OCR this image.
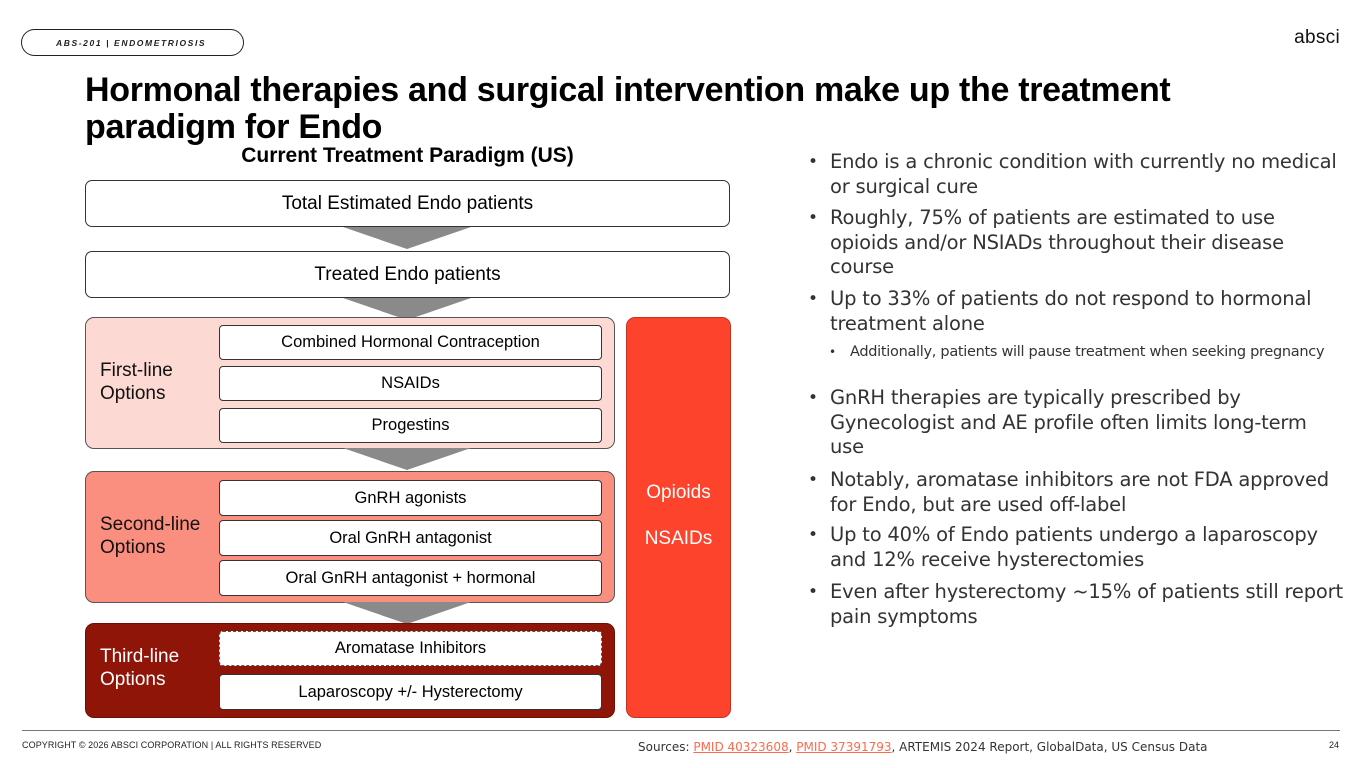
ABS-201 | ENDOMETRIOSIS	absci
Hormonal therapies and surgical intervention make up the treatment
paradigm for Endo
Current Treatment Paradigm (US)
Total Estimated Endo patients
Treated Endo patients
First-line
Options
Combined Hormonal Contraception
NSAIDs
Progestins
Second-line
Options
GnRH agonists
Oral GnRH antagonist
Oral GnRH antagonist + hormonal
Third-line
Options
Aromatase Inhibitors
Laparoscopy +/- Hysterectomy
Opioids
NSAIDs
• Endo is a chronic condition with currently no medical or surgical cure
• Roughly, 75% of patients are estimated to use opioids and/or NSIADs throughout their disease course
• Up to 33% of patients do not respond to hormonal treatment alone
• Additionally, patients will pause treatment when seeking pregnancy
• GnRH therapies are typically prescribed by Gynecologist and AE profile often limits long-term use
• Notably, aromatase inhibitors are not FDA approved for Endo, but are used off-label
• Up to 40% of Endo patients undergo a laparoscopy and 12% receive hysterectomies
• Even after hysterectomy ~15% of patients still report pain symptoms
COPYRIGHT © 2026 ABSCI CORPORATION | ALL RIGHTS RESERVED	Sources: PMID 40323608, PMID 37391793, ARTEMIS 2024 Report, GlobalData, US Census Data	24
